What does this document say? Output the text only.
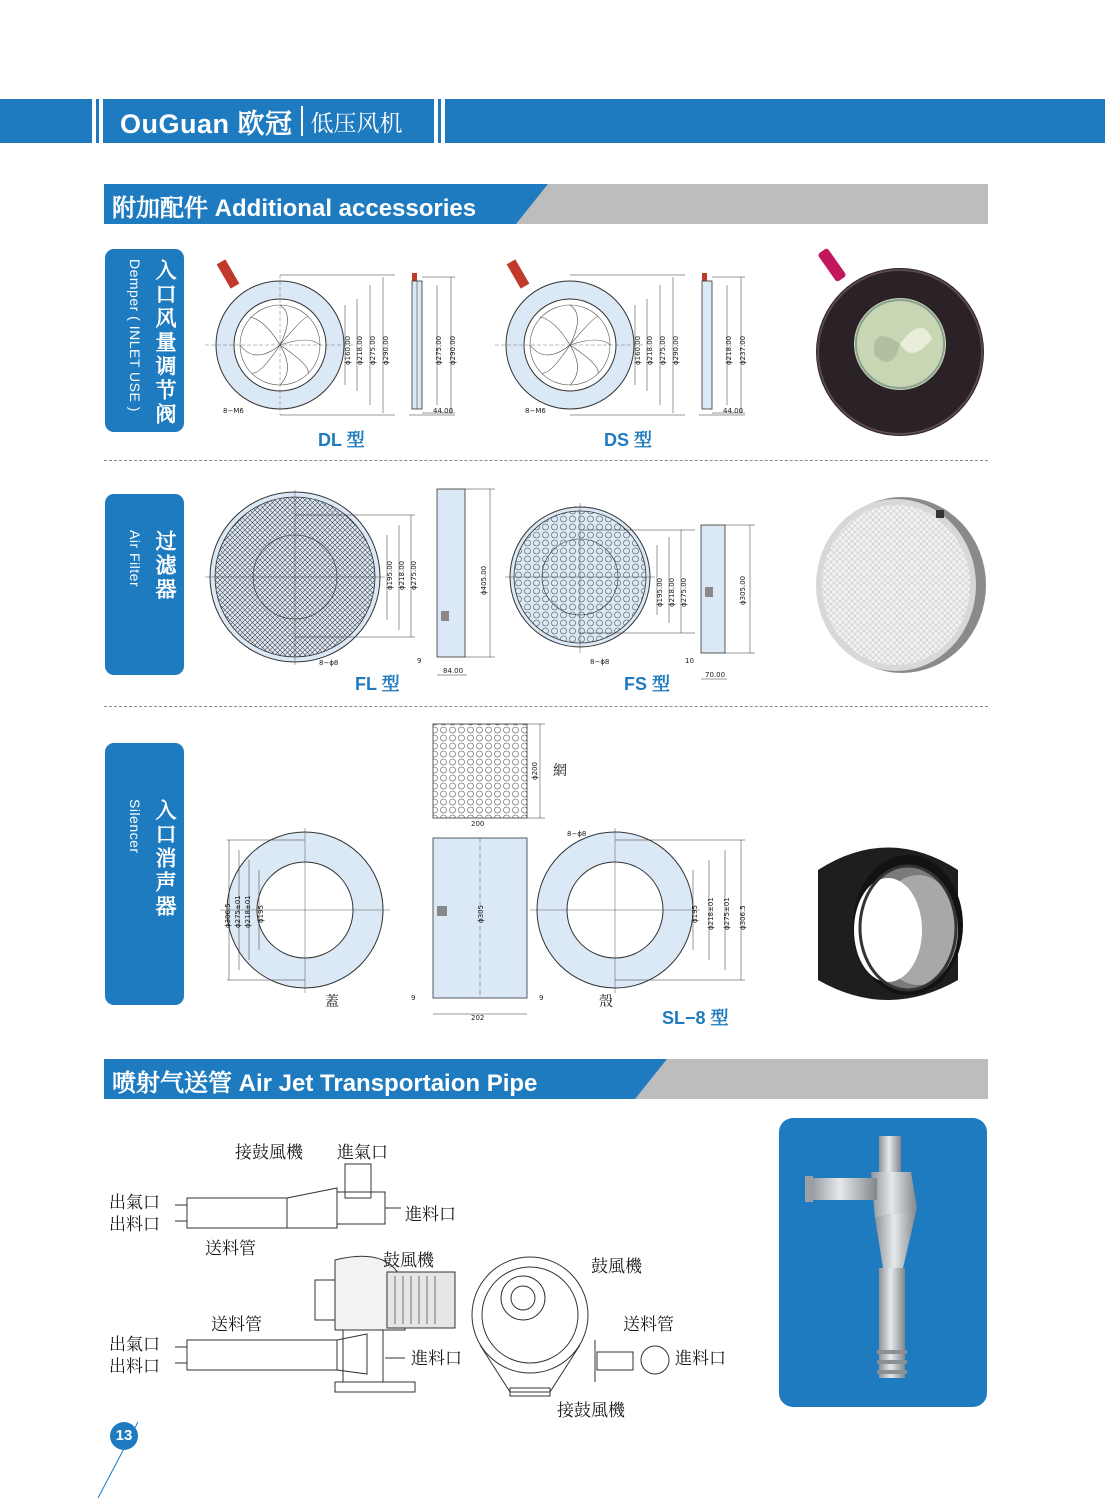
OuGuan 欧冠 低压风机
附加配件 Additional accessories
入口风量调节阀
Demper ( INLET USE )
过滤器
Air Filter
入口消声器
Silencer
ϕ160.00 ϕ218.00 ϕ275.00 ϕ290.00
8−M6
ϕ275.00 ϕ290.00
44.00
ϕ160.00 ϕ218.00 ϕ275.00 ϕ290.00
8−M6
ϕ218.00 ϕ237.00
44.00
DL 型	DS 型
ϕ195.00 ϕ218.00 ϕ275.00
8−ϕ8
ϕ405.00
9
84.00
ϕ195.00 ϕ218.00 ϕ275.00
8−ϕ8
ϕ305.00
10
70.00
FL 型	FS 型
ϕ200 網
200
ϕ306.5 ϕ275±01 ϕ218±01 ϕ195
蓋
ϕ305
9	9
202
ϕ195 ϕ218±01 ϕ275±01 ϕ306.5
8−ϕ8
殼
SL−8 型
喷射气送管 Air Jet Transportaion Pipe
接鼓風機 進氣口
出氣口
出料口	進料口
送料管
鼓風機
送料管
出氣口
出料口	進料口
鼓風機
送料管
進料口
接鼓風機
13
